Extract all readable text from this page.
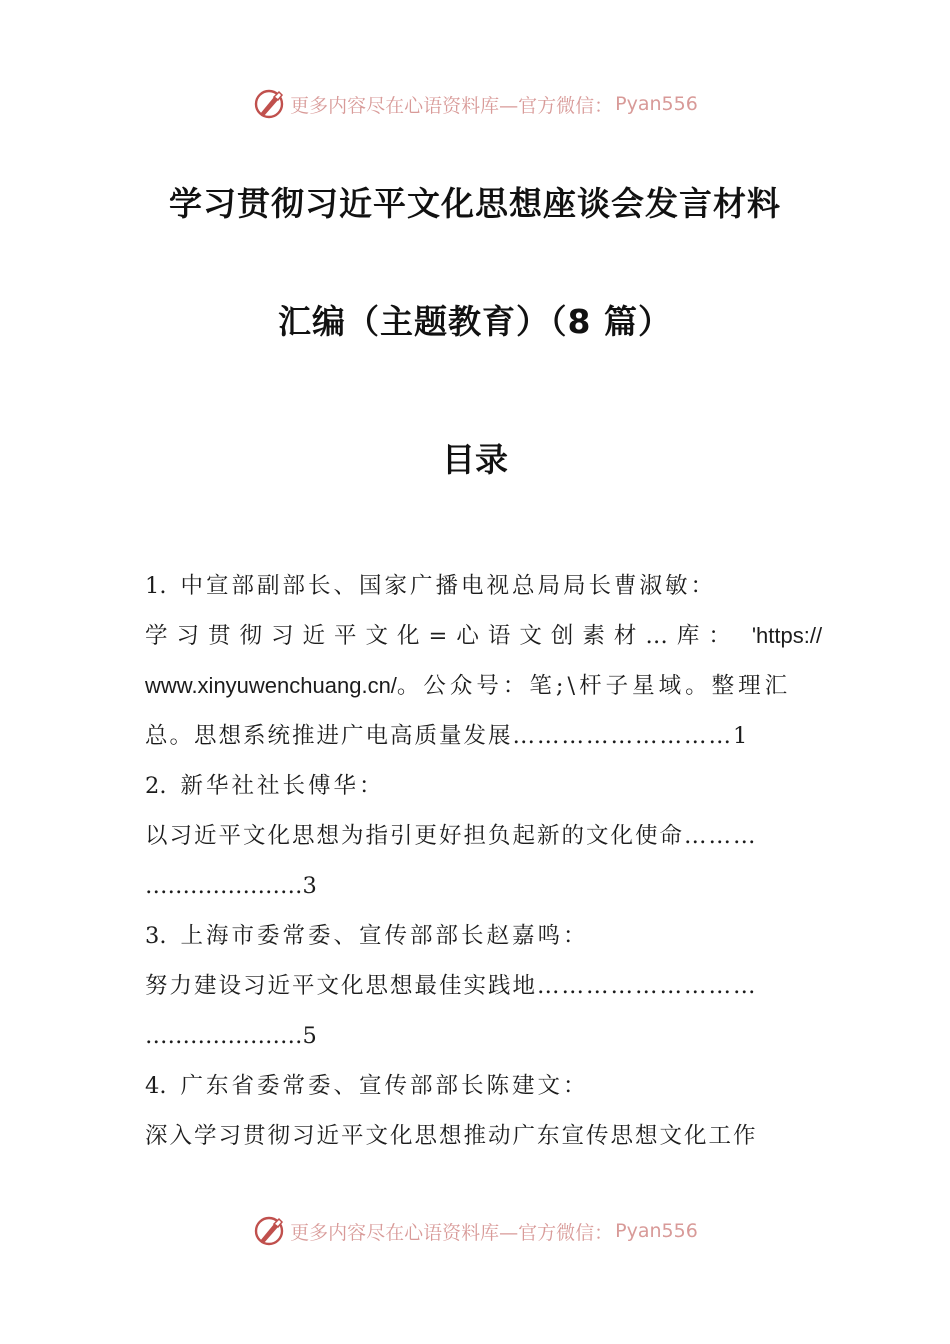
更多内容尽在心语资料库—官方微信： Pyan556
学习贯彻习近平文化思想座谈会发言材料
汇编（主题教育）（8 篇）
目录
1. 中宣部副部长、国家广播电视总局局长曹淑敏：
学习贯彻习近平文化=心语文创素材…库： 'https://
www.xinyuwenchuang.cn/。公众号：笔;\杆子星域。整理汇
总。思想系统推进广电高质量发展………………………1
2. 新华社社长傅华：
以习近平文化思想为指引更好担负起新的文化使命………
…………………3
3. 上海市委常委、宣传部部长赵嘉鸣：
努力建设习近平文化思想最佳实践地………………………
…………………5
4. 广东省委常委、宣传部部长陈建文：
深入学习贯彻习近平文化思想推动广东宣传思想文化工作
更多内容尽在心语资料库—官方微信： Pyan556
